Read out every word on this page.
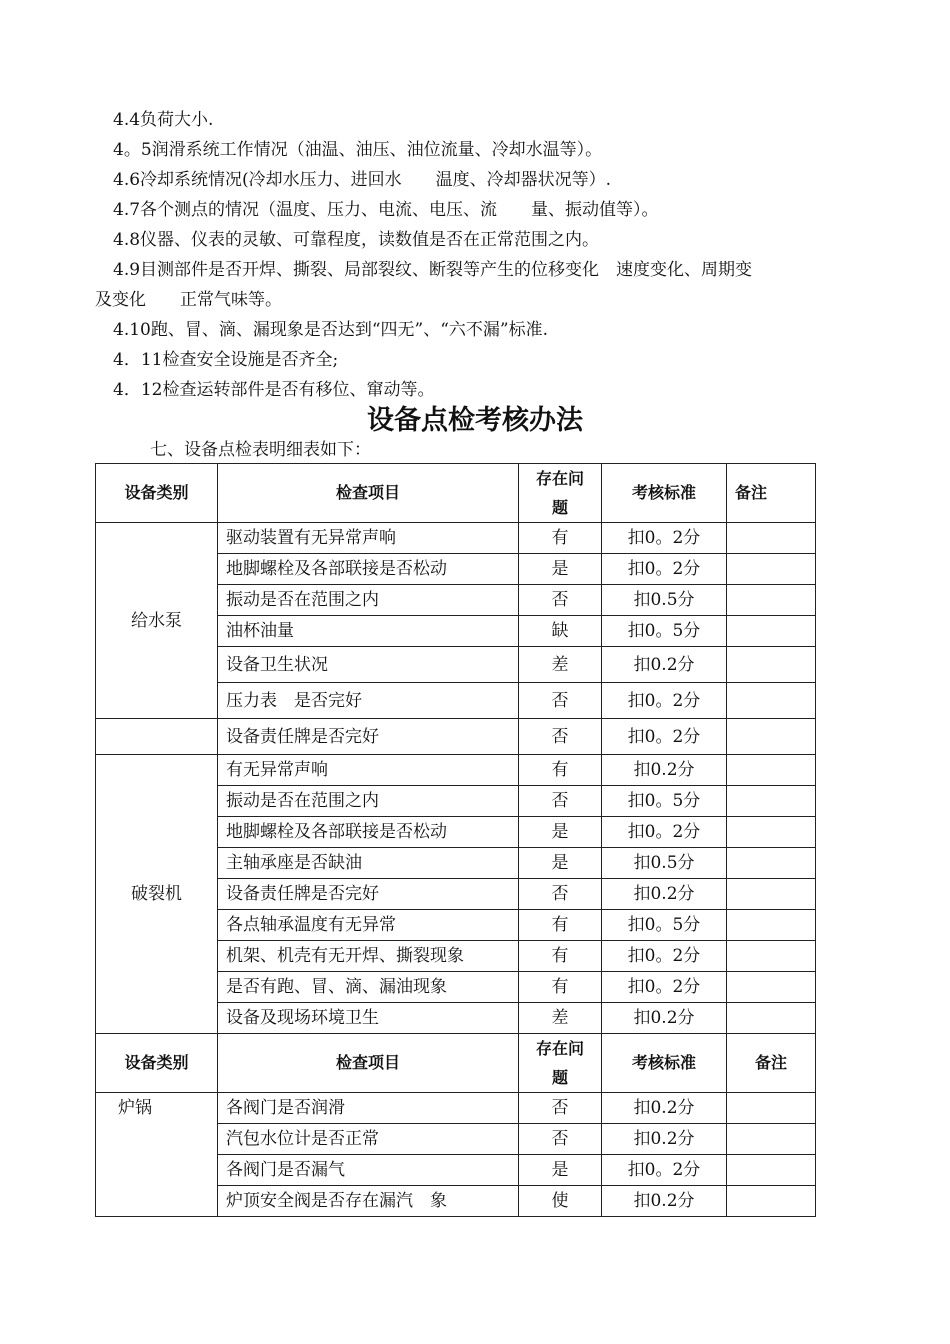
4.4负荷大小.
4。5润滑系统工作情况（油温、油压、油位流量、冷却水温等）。
4.6冷却系统情况(冷却水压力、进回水　　温度、冷却器状况等）.
4.7各个测点的情况（温度、压力、电流、电压、流　　量、振动值等）。
4.8仪器、仪表的灵敏、可靠程度，读数值是否在正常范围之内。
4.9目测部件是否开焊、撕裂、局部裂纹、断裂等产生的位移变化　速度变化、周期变
及变化　　正常气味等。
4.10跑、冒、滴、漏现象是否达到“四无”、“六不漏”标准.
4．11检查安全设施是否齐全;
4．12检查运转部件是否有移位、窜动等。
设备点检考核办法
七、设备点检表明细表如下：
设备类别	检查项目	存在问题	考核标准	备注
给水泵	驱动装置有无异常声响	有	扣0。2分	
	地脚螺栓及各部联接是否松动	是	扣0。2分	
	振动是否在范围之内	否	扣0.5分	
	油杯油量	缺	扣0。5分	
	设备卫生状况	差	扣0.2分	
	压力表　是否完好	否	扣0。2分	
	设备责任牌是否完好	否	扣0。2分	
破裂机	有无异常声响	有	扣0.2分	
	振动是否在范围之内	否	扣0。5分	
	地脚螺栓及各部联接是否松动	是	扣0。2分	
	主轴承座是否缺油	是	扣0.5分	
	设备责任牌是否完好	否	扣0.2分	
	各点轴承温度有无异常	有	扣0。5分	
	机架、机壳有无开焊、撕裂现象	有	扣0。2分	
	是否有跑、冒、滴、漏油现象	有	扣0。2分	
	设备及现场环境卫生	差	扣0.2分	
设备类别	检查项目	存在问题	考核标准	备注
炉锅	各阀门是否润滑	否	扣0.2分	
	汽包水位计是否正常	否	扣0.2分	
	各阀门是否漏气	是	扣0。2分	
	炉顶安全阀是否存在漏汽　象	使	扣0.2分	
